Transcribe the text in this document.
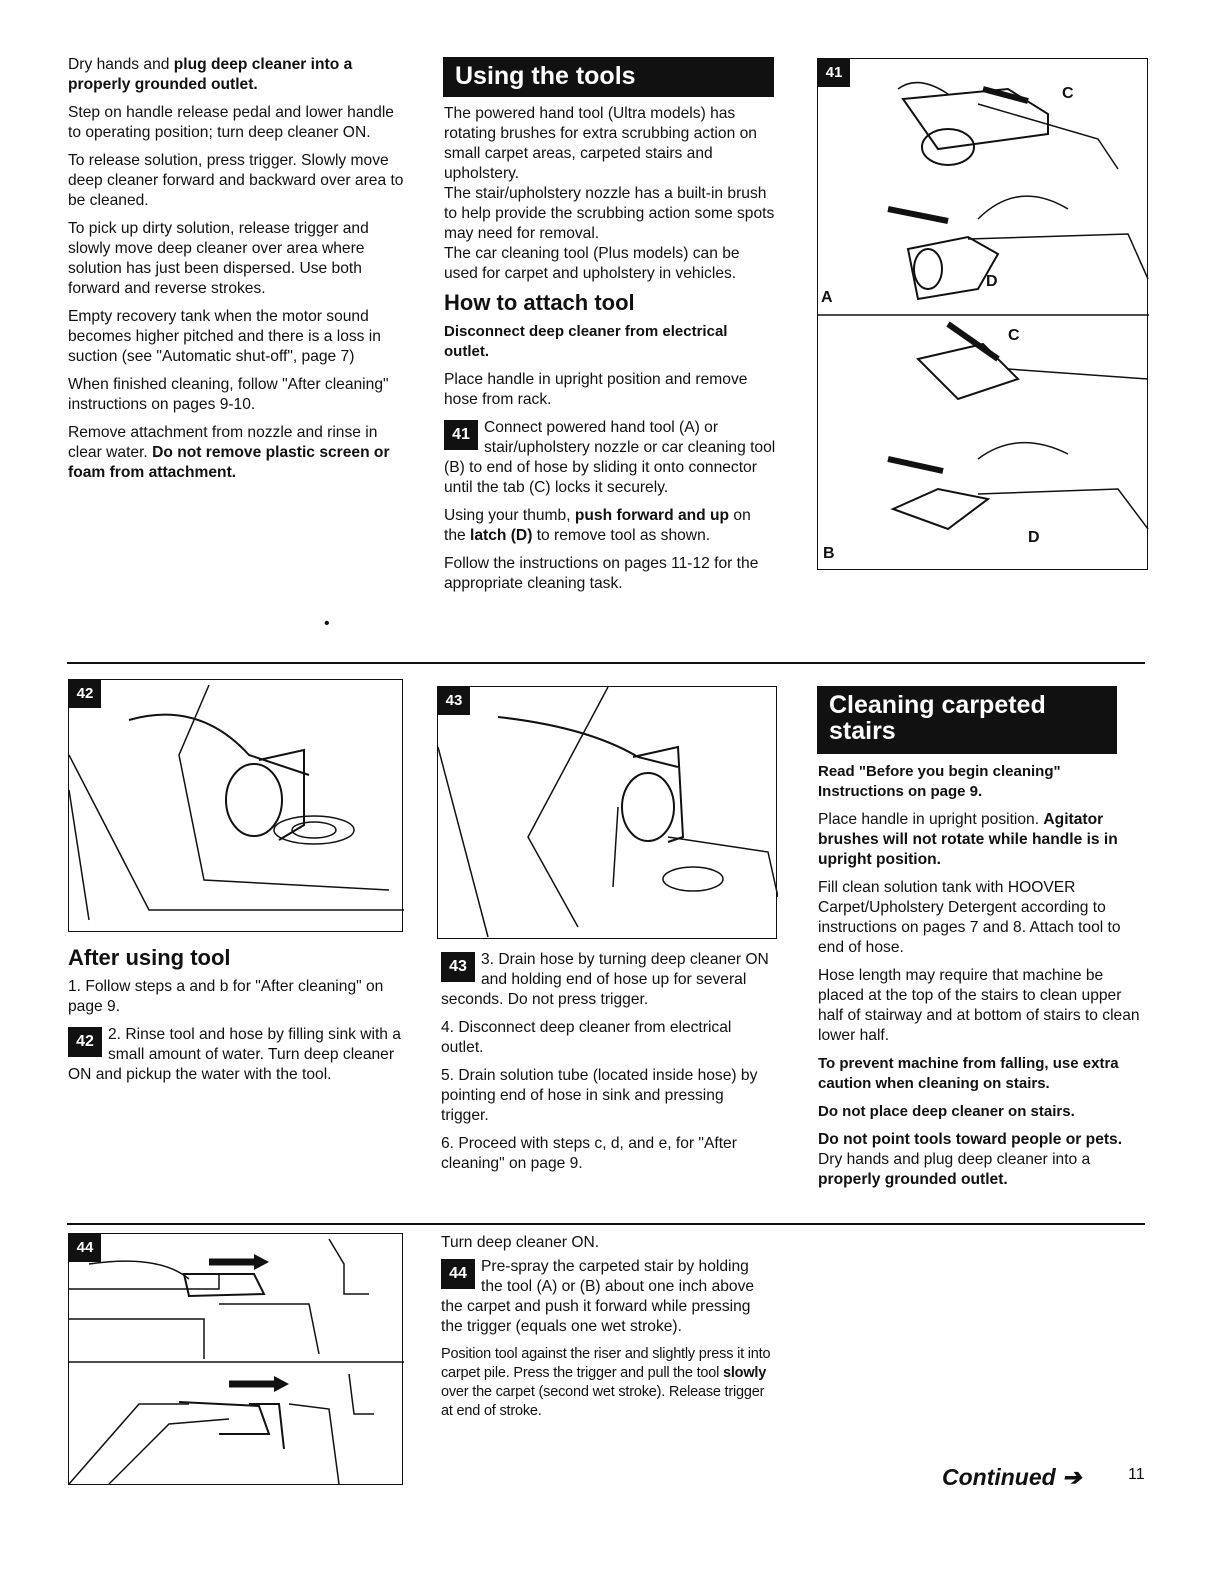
Dry hands and plug deep cleaner into a properly grounded outlet.

Step on handle release pedal and lower handle to operating position; turn deep cleaner ON.

To release solution, press trigger. Slowly move deep cleaner forward and backward over area to be cleaned.

To pick up dirty solution, release trigger and slowly move deep cleaner over area where solution has just been dispersed. Use both forward and reverse strokes.

Empty recovery tank when the motor sound becomes higher pitched and there is a loss in suction (see "Automatic shut-off", page 7)

When finished cleaning, follow "After cleaning" instructions on pages 9-10.

Remove attachment from nozzle and rinse in clear water. Do not remove plastic screen or foam from attachment.

•
Using the tools

The powered hand tool (Ultra models) has rotating brushes for extra scrubbing action on small carpet areas, carpeted stairs and upholstery.

The stair/upholstery nozzle has a built-in brush to help provide the scrubbing action some spots may need for removal.

The car cleaning tool (Plus models) can be used for carpet and upholstery in vehicles.

How to attach tool

Disconnect deep cleaner from electrical outlet.

Place handle in upright position and remove hose from rack.

41 Connect powered hand tool (A) or stair/upholstery nozzle or car cleaning tool (B) to end of hose by sliding it onto connector until the tab (C) locks it securely.

Using your thumb, push forward and up on the latch (D) to remove tool as shown.

Follow the instructions on pages 11-12 for the appropriate cleaning task.

41
C
D
A
C
D
B
42	43	Cleaning carpeted
stairs

Read "Before you begin cleaning" Instructions on page 9.

Place handle in upright position. Agitator brushes will not rotate while handle is in upright position.

Fill clean solution tank with HOOVER Carpet/Upholstery Detergent according to instructions on pages 7 and 8. Attach tool to end of hose.

Hose length may require that machine be placed at the top of the stairs to clean upper half of stairway and at bottom of stairs to clean lower half.

To prevent machine from falling, use extra caution when cleaning on stairs.

Do not place deep cleaner on stairs.

Do not point tools toward people or pets. Dry hands and plug deep cleaner into a properly grounded outlet.

After using tool

1. Follow steps a and b for "After cleaning" on page 9.

42 2. Rinse tool and hose by filling sink with a small amount of water. Turn deep cleaner ON and pickup the water with the tool.

43 3. Drain hose by turning deep cleaner ON and holding end of hose up for several seconds. Do not press trigger.

4. Disconnect deep cleaner from electrical outlet.

5. Drain solution tube (located inside hose) by pointing end of hose in sink and pressing trigger.

6. Proceed with steps c, d, and e, for "After cleaning" on page 9.

44	Turn deep cleaner ON.

44 Pre-spray the carpeted stair by holding the tool (A) or (B) about one inch above the carpet and push it forward while pressing the trigger (equals one wet stroke).

Position tool against the riser and slightly press it into carpet pile. Press the trigger and pull the tool slowly over the carpet (second wet stroke). Release trigger at end of stroke.

Continued ➔	11
